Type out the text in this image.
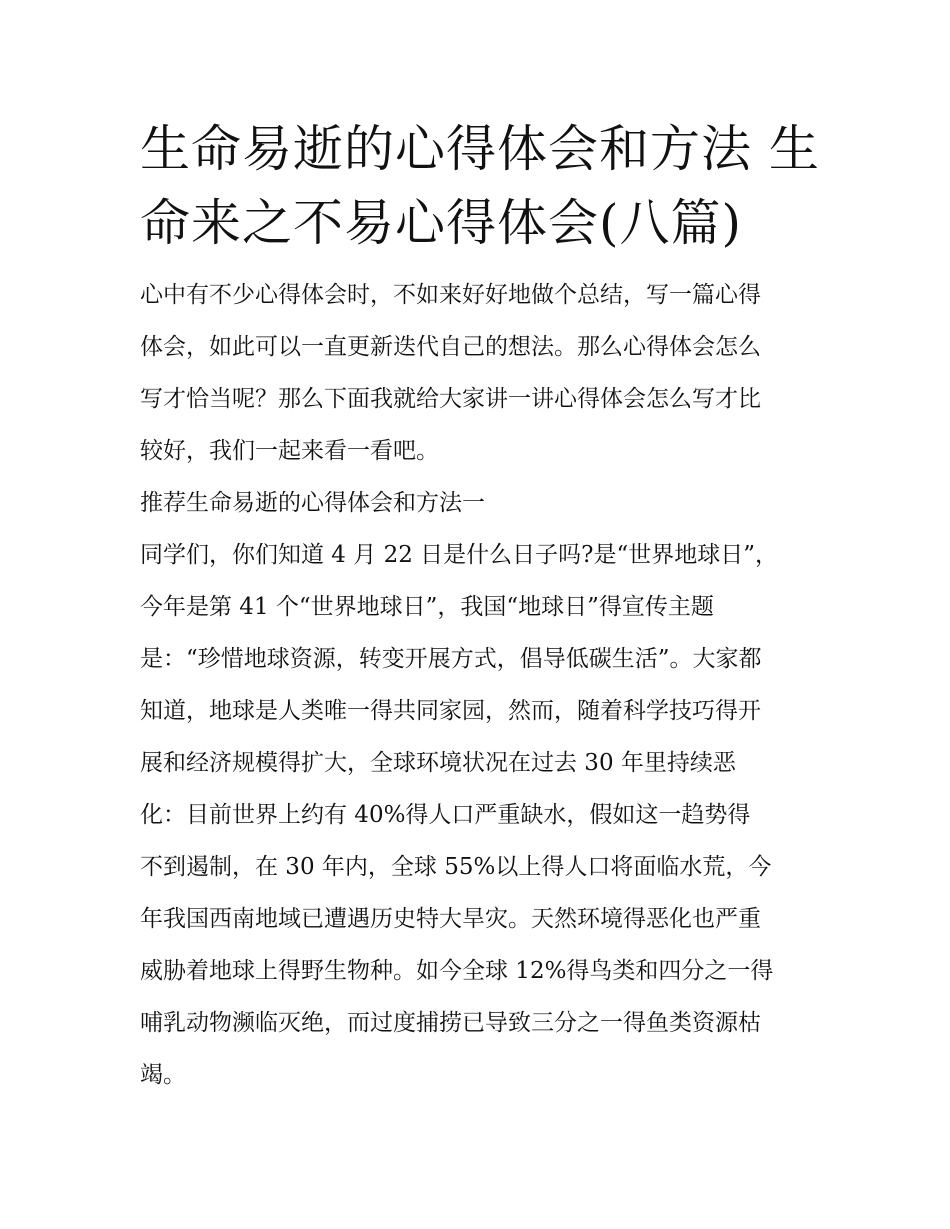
生命易逝的心得体会和方法 生
命来之不易心得体会(八篇)

心中有不少心得体会时，不如来好好地做个总结，写一篇心得
体会，如此可以一直更新迭代自己的想法。那么心得体会怎么
写才恰当呢？那么下面我就给大家讲一讲心得体会怎么写才比
较好，我们一起来看一看吧。

推荐生命易逝的心得体会和方法一

同学们，你们知道 4 月 22 日是什么日子吗?是“世界地球日”，
今年是第 41 个“世界地球日”，我国“地球日”得宣传主题
是：“珍惜地球资源，转变开展方式，倡导低碳生活”。大家都
知道，地球是人类唯一得共同家园，然而，随着科学技巧得开
展和经济规模得扩大，全球环境状况在过去 30 年里持续恶
化：目前世界上约有 40%得人口严重缺水，假如这一趋势得
不到遏制，在 30 年内，全球 55%以上得人口将面临水荒，今
年我国西南地域已遭遇历史特大旱灾。天然环境得恶化也严重
威胁着地球上得野生物种。如今全球 12%得鸟类和四分之一得
哺乳动物濒临灭绝，而过度捕捞已导致三分之一得鱼类资源枯
竭。
